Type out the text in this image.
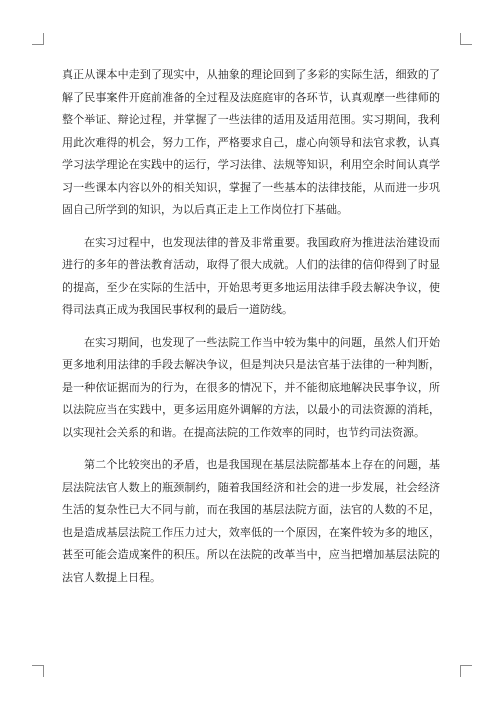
真正从课本中走到了现实中，从抽象的理论回到了多彩的实际生活，细致的了解了民事案件开庭前准备的全过程及法庭庭审的各环节，认真观摩一些律师的整个举证、辩论过程，并掌握了一些法律的适用及适用范围。实习期间，我利用此次难得的机会，努力工作，严格要求自己，虚心向领导和法官求教，认真学习法学理论在实践中的运行，学习法律、法规等知识，利用空余时间认真学习一些课本内容以外的相关知识，掌握了一些基本的法律技能，从而进一步巩固自己所学到的知识，为以后真正走上工作岗位打下基础。

在实习过程中，也发现法律的普及非常重要。我国政府为推进法治建设而进行的多年的普法教育活动，取得了很大成就。人们的法律的信仰得到了时显的提高，至少在实际的生活中，开始思考更多地运用法律手段去解决争议，使得司法真正成为我国民事权利的最后一道防线。

在实习期间，也发现了一些法院工作当中较为集中的问题，虽然人们开始更多地利用法律的手段去解决争议，但是判决只是法官基于法律的一种判断，是一种依证据而为的行为，在很多的情况下，并不能彻底地解决民事争议，所以法院应当在实践中，更多运用庭外调解的方法，以最小的司法资源的消耗，以实现社会关系的和谐。在提高法院的工作效率的同时，也节约司法资源。

第二个比较突出的矛盾，也是我国现在基层法院都基本上存在的问题，基层法院法官人数上的瓶颈制约，随着我国经济和社会的进一步发展，社会经济生活的复杂性已大不同与前，而在我国的基层法院方面，法官的人数的不足，也是造成基层法院工作压力过大，效率低的一个原因，在案件较为多的地区，甚至可能会造成案件的积压。所以在法院的改革当中，应当把增加基层法院的法官人数提上日程。
